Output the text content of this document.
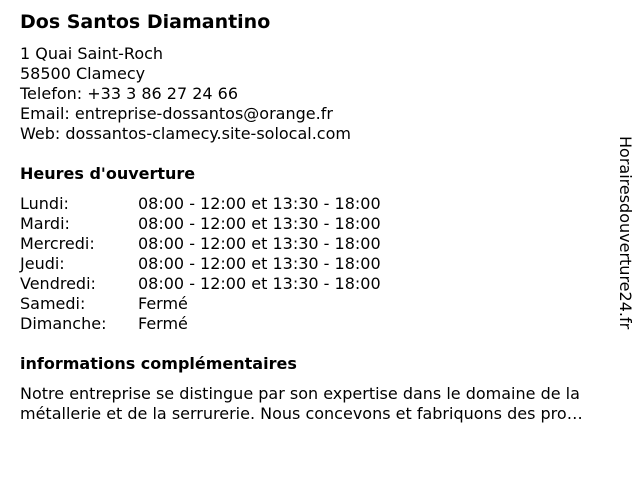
Dos Santos Diamantino
1 Quai Saint-Roch
58500 Clamecy
Telefon: +33 3 86 27 24 66
Email: entreprise-dossantos@orange.fr
Web: dossantos-clamecy.site-solocal.com
Heures d'ouverture
Lundi:	08:00 - 12:00 et 13:30 - 18:00
Mardi:	08:00 - 12:00 et 13:30 - 18:00
Mercredi:	08:00 - 12:00 et 13:30 - 18:00
Jeudi:	08:00 - 12:00 et 13:30 - 18:00
Vendredi:	08:00 - 12:00 et 13:30 - 18:00
Samedi:	Fermé
Dimanche: Fermé
informations complémentaires
Notre entreprise se distingue par son expertise dans le domaine de la
métallerie et de la serrurerie. Nous concevons et fabriquons des pro…
Horairesdouverture24.fr
